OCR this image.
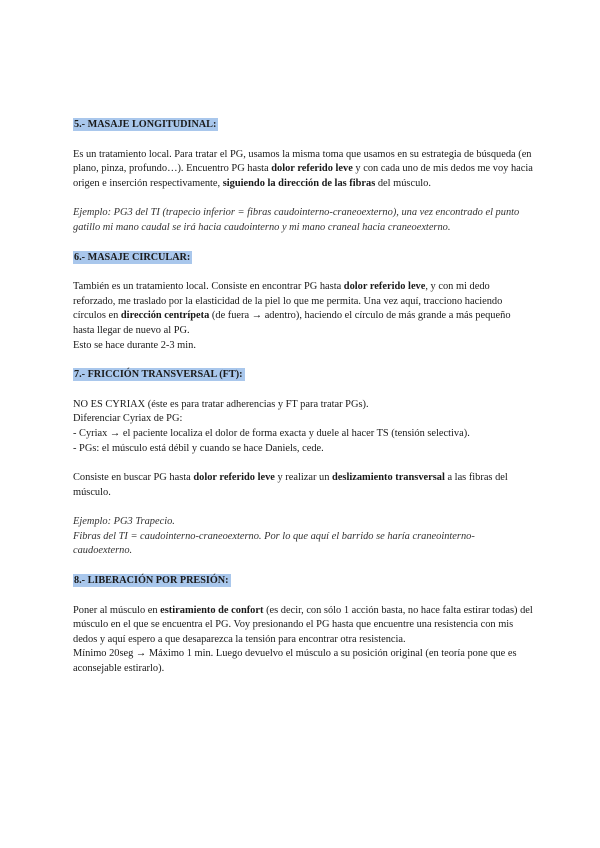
5.- MASAJE LONGITUDINAL:

Es un tratamiento local. Para tratar el PG, usamos la misma toma que usamos en su estrategia de búsqueda (en plano, pinza, profundo…). Encuentro PG hasta dolor referido leve y con cada uno de mis dedos me voy hacia origen e inserción respectivamente, siguiendo la dirección de las fibras del músculo.

Ejemplo: PG3 del TI (trapecio inferior = fibras caudointerno-craneoexterno), una vez encontrado el punto gatillo mi mano caudal se irá hacia caudointerno y mi mano craneal hacia craneoexterno.

6.- MASAJE CIRCULAR:

También es un tratamiento local. Consiste en encontrar PG hasta dolor referido leve, y con mi dedo reforzado, me traslado por la elasticidad de la piel lo que me permita. Una vez aquí, tracciono haciendo círculos en dirección centrípeta (de fuera → adentro), haciendo el círculo de más grande a más pequeño hasta llegar de nuevo al PG.

Esto se hace durante 2-3 min.

7.- FRICCIÓN TRANSVERSAL (FT):

NO ES CYRIAX (éste es para tratar adherencias y FT para tratar PGs).

Diferenciar Cyriax de PG:

- Cyriax → el paciente localiza el dolor de forma exacta y duele al hacer TS (tensión selectiva).

- PGs: el músculo está débil y cuando se hace Daniels, cede.

Consiste en buscar PG hasta dolor referido leve y realizar un deslizamiento transversal a las fibras del músculo.

Ejemplo: PG3 Trapecio.

Fibras del TI = caudointerno-craneoexterno. Por lo que aquí el barrido se haría craneointerno-caudoexterno.

8.- LIBERACIÓN POR PRESIÓN:

Poner al músculo en estiramiento de confort (es decir, con sólo 1 acción basta, no hace falta estirar todas) del músculo en el que se encuentra el PG. Voy presionando el PG hasta que encuentre una resistencia con mis dedos y aquí espero a que desaparezca la tensión para encontrar otra resistencia.

Mínimo 20seg → Máximo 1 min. Luego devuelvo el músculo a su posición original (en teoría pone que es aconsejable estirarlo).
